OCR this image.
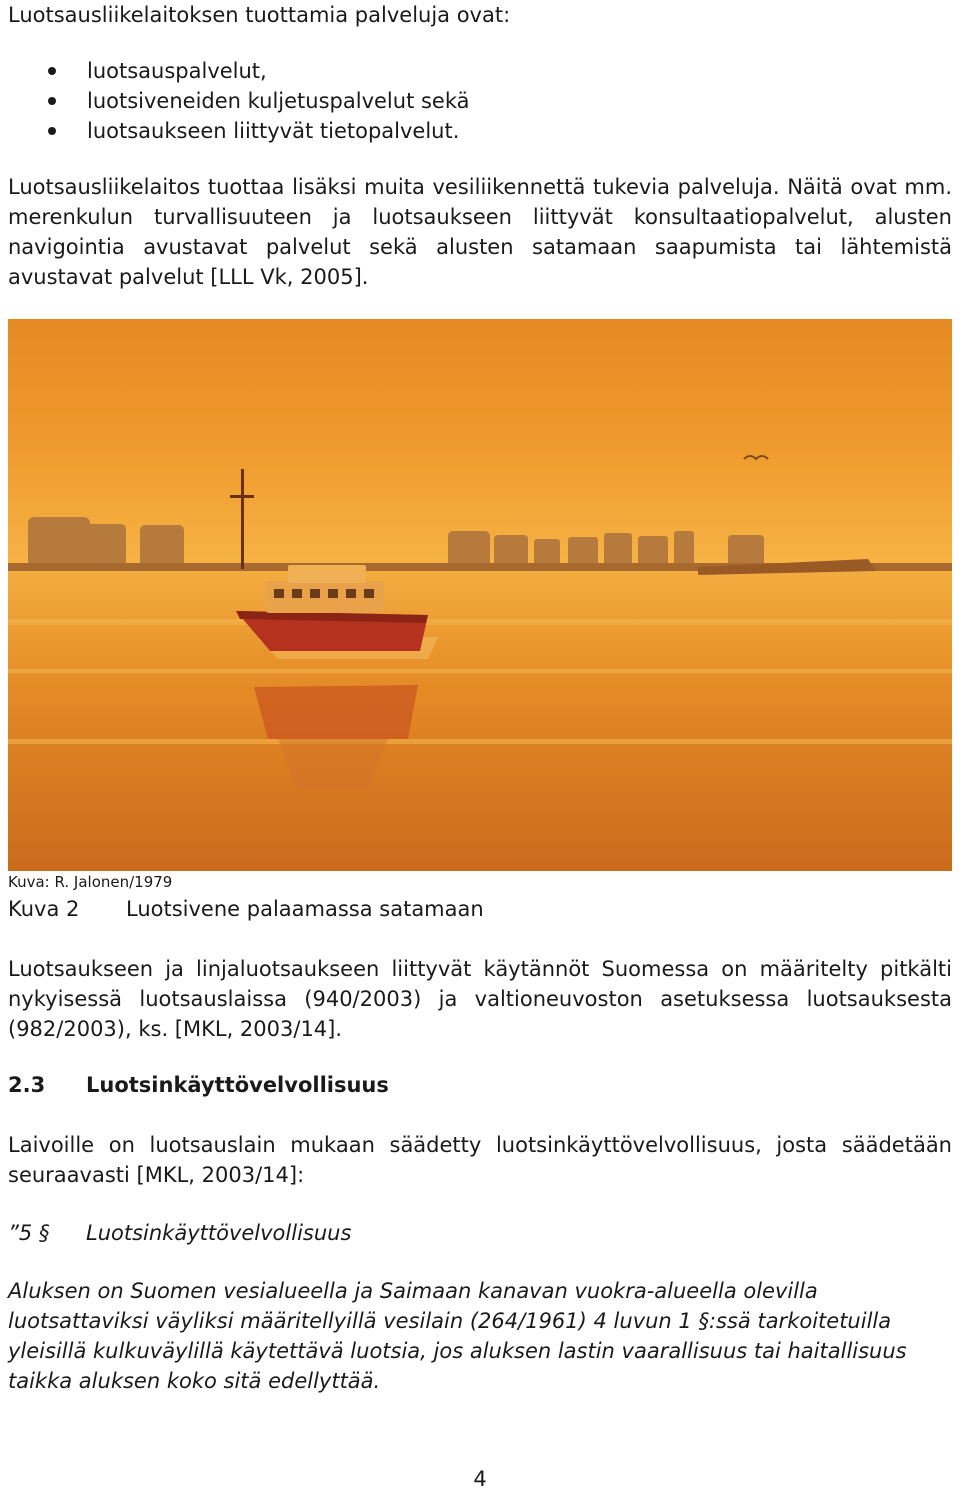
Luotsausliikelaitoksen tuottamia palveluja ovat:

luotsauspalvelut,
luotsiveneiden kuljetuspalvelut sekä
luotsaukseen liittyvät tietopalvelut.

Luotsausliikelaitos tuottaa lisäksi muita vesiliikennettä tukevia palveluja. Näitä ovat mm. merenkulun turvallisuuteen ja luotsaukseen liittyvät konsultaatiopalvelut, alusten navigointia avustavat palvelut sekä alusten satamaan saapumista tai lähtemistä avustavat palvelut [LLL Vk, 2005].

Kuva: R. Jalonen/1979

Kuva 2 Luotsivene palaamassa satamaan

Luotsaukseen ja linjaluotsaukseen liittyvät käytännöt Suomessa on määritelty pitkälti nykyisessä luotsauslaissa (940/2003) ja valtioneuvoston asetuksessa luotsauksesta (982/2003), ks. [MKL, 2003/14].

2.3 Luotsinkäyttövelvollisuus

Laivoille on luotsauslain mukaan säädetty luotsinkäyttövelvollisuus, josta säädetään seuraavasti [MKL, 2003/14]:

”5 § Luotsinkäyttövelvollisuus

Aluksen on Suomen vesialueella ja Saimaan kanavan vuokra-alueella olevilla luotsattaviksi väyliksi määritellyillä vesilain (264/1961) 4 luvun 1 §:ssä tarkoitetuilla yleisillä kulkuväylillä käytettävä luotsia, jos aluksen lastin vaarallisuus tai haitallisuus taikka aluksen koko sitä edellyttää.

4
